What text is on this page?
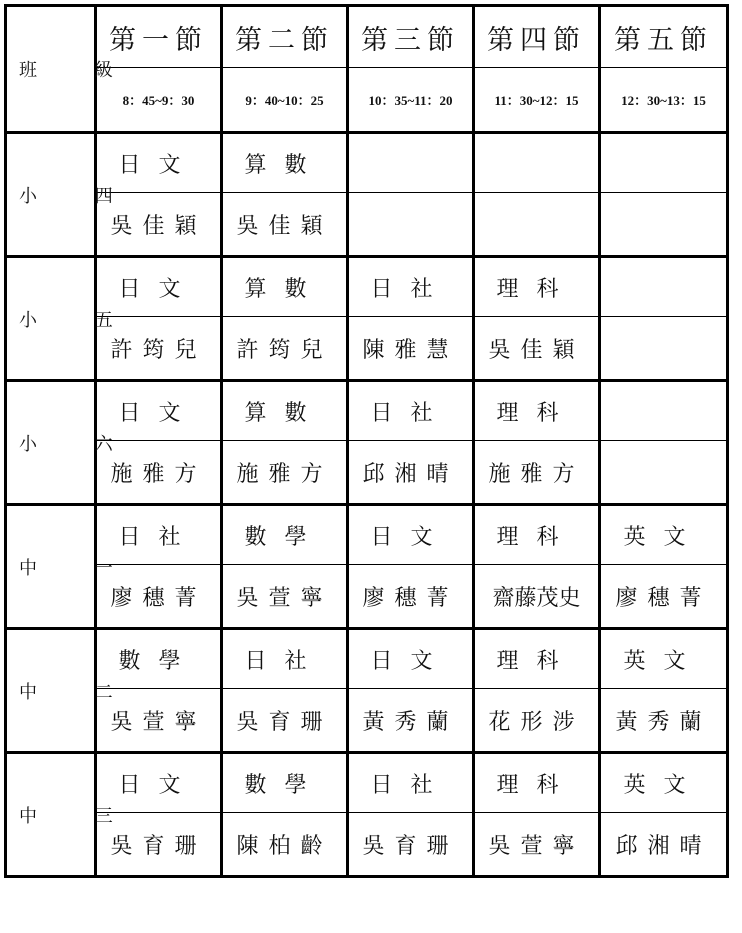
班 級	第一節	第二節	第三節	第四節	第五節
	8：45~9：30	9：40~10：25	10：35~11：20	11：30~12：15	12：30~13：15
小 四	日文	算數			
	吳佳穎	吳佳穎			
小 五	日文	算數	日社	理科	
	許筠兒	許筠兒	陳雅慧	吳佳穎	
小 六	日文	算數	日社	理科	
	施雅方	施雅方	邱湘晴	施雅方	
中 一	日社	數學	日文	理科	英文
	廖穗菁	吳萱寧	廖穗菁	齋藤茂史	廖穗菁
中 二	數學	日社	日文	理科	英文
	吳萱寧	吳育珊	黃秀蘭	花形涉	黃秀蘭
中 三	日文	數學	日社	理科	英文
	吳育珊	陳柏齡	吳育珊	吳萱寧	邱湘晴
